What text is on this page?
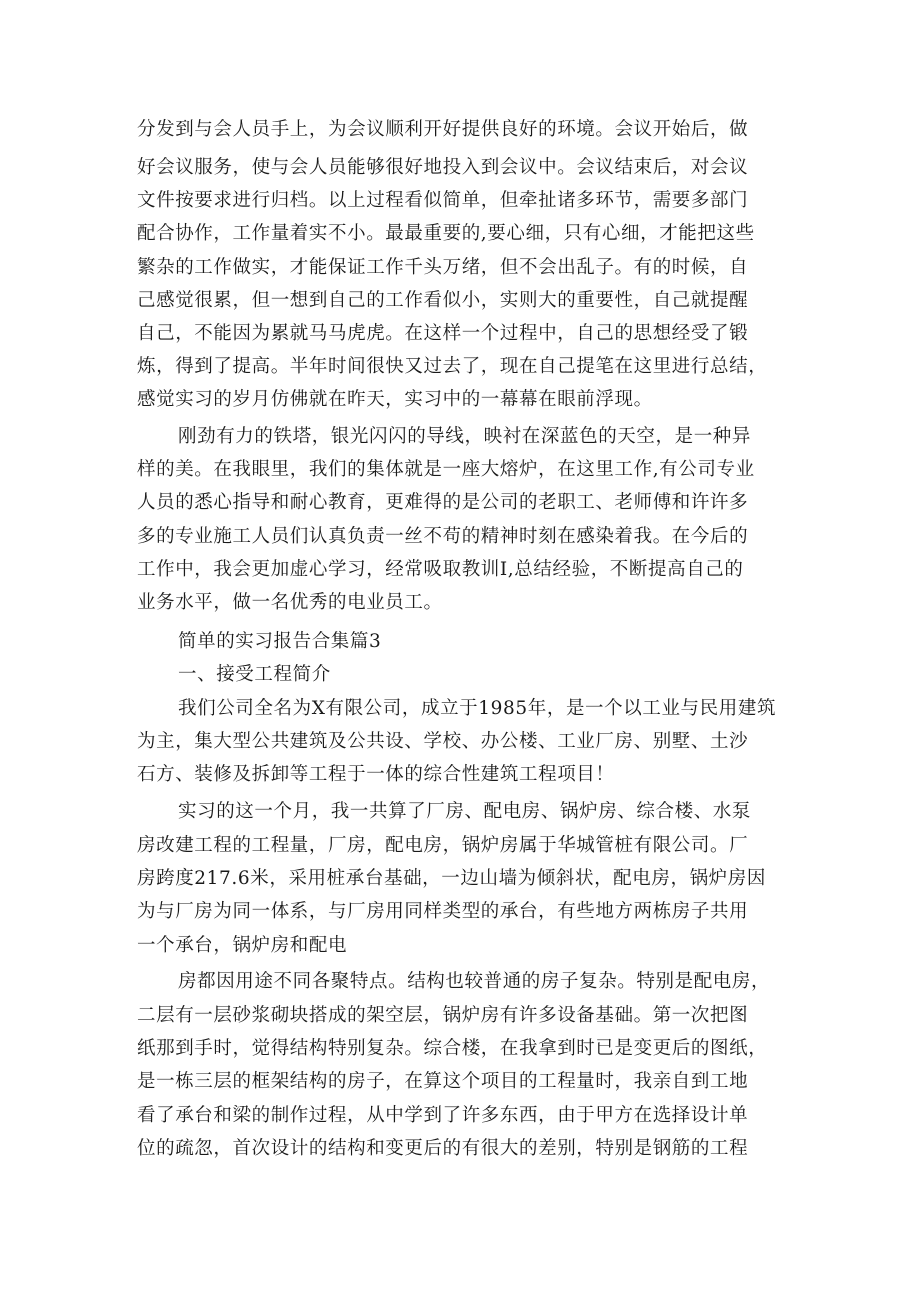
分发到与会人员手上，为会议顺利开好提供良好的环境。会议开始后，做
好会议服务，使与会人员能够很好地投入到会议中。会议结束后，对会议
文件按要求进行归档。以上过程看似简单，但牵扯诸多环节，需要多部门
配合协作，工作量着实不小。最最重要的,要心细，只有心细，才能把这些
繁杂的工作做实，才能保证工作千头万绪，但不会出乱子。有的时候，自
己感觉很累，但一想到自己的工作看似小，实则大的重要性，自己就提醒
自己，不能因为累就马马虎虎。在这样一个过程中，自己的思想经受了锻
炼，得到了提高。半年时间很快又过去了，现在自己提笔在这里进行总结，
感觉实习的岁月仿佛就在昨天，实习中的一幕幕在眼前浮现。
刚劲有力的铁塔，银光闪闪的导线，映衬在深蓝色的天空，是一种异
样的美。在我眼里，我们的集体就是一座大熔炉，在这里工作,有公司专业
人员的悉心指导和耐心教育，更难得的是公司的老职工、老师傅和许许多
多的专业施工人员们认真负责一丝不苟的精神时刻在感染着我。在今后的
工作中，我会更加虚心学习，经常吸取教训I,总结经验，不断提高自己的
业务水平，做一名优秀的电业员工。
简单的实习报告合集篇3
一、接受工程简介
我们公司全名为X有限公司，成立于1985年，是一个以工业与民用建筑
为主，集大型公共建筑及公共设、学校、办公楼、工业厂房、别墅、土沙
石方、装修及拆卸等工程于一体的综合性建筑工程项目！
实习的这一个月，我一共算了厂房、配电房、锅炉房、综合楼、水泵
房改建工程的工程量，厂房，配电房，锅炉房属于华城管桩有限公司。厂
房跨度217.6米，采用桩承台基础，一边山墙为倾斜状，配电房，锅炉房因
为与厂房为同一体系，与厂房用同样类型的承台，有些地方两栋房子共用
一个承台，锅炉房和配电
房都因用途不同各聚特点。结构也较普通的房子复杂。特别是配电房，
二层有一层砂浆砌块搭成的架空层，锅炉房有许多设备基础。第一次把图
纸那到手时，觉得结构特别复杂。综合楼，在我拿到时已是变更后的图纸，
是一栋三层的框架结构的房子，在算这个项目的工程量时，我亲自到工地
看了承台和梁的制作过程，从中学到了许多东西，由于甲方在选择设计单
位的疏忽，首次设计的结构和变更后的有很大的差别，特别是钢筋的工程
